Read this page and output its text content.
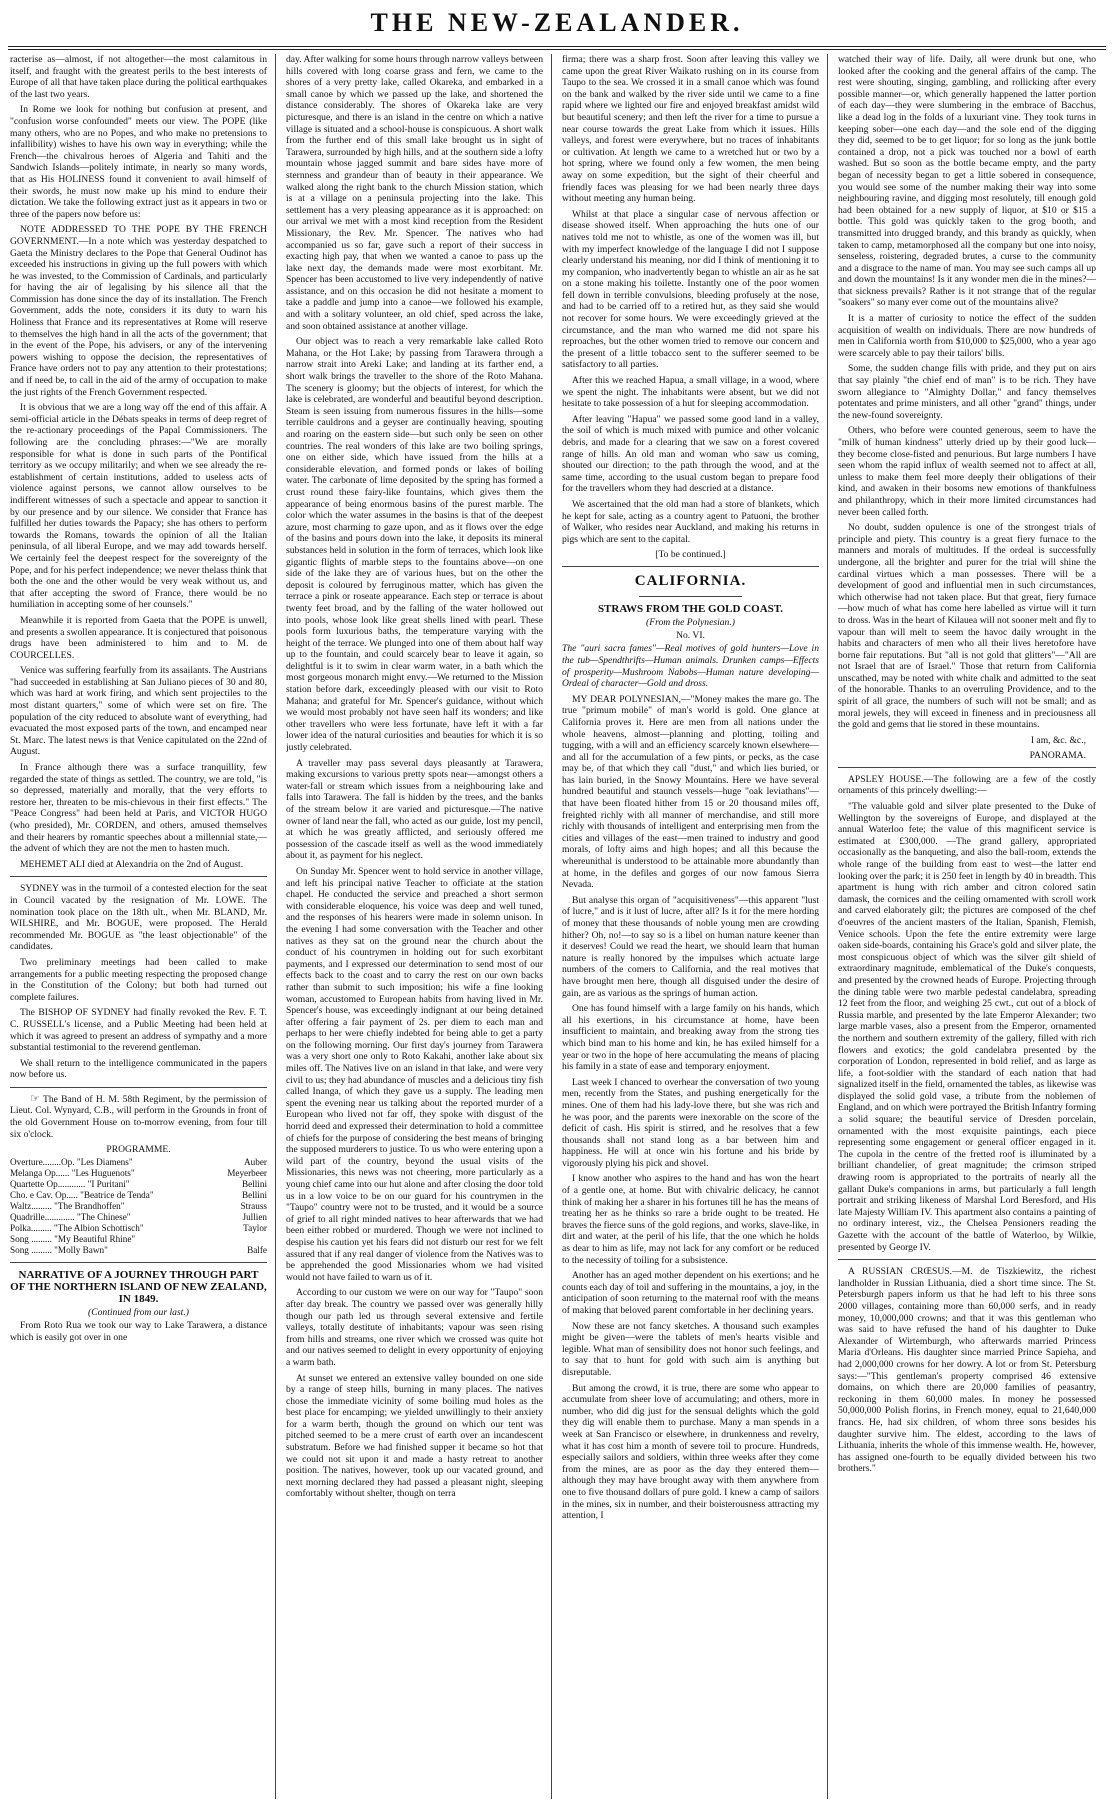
THE NEW-ZEALANDER.

racterise as—almost, if not altogether—the most calamitous in itself, and fraught with the greatest perils to the best interests of Europe of all that have taken place during the political earthquakes of the last two years.

In Rome we look for nothing but confusion at present, and "confusion worse confounded" meets our view. The POPE (like many others, who are no Popes, and who make no pretensions to infallibility) wishes to have his own way in everything; while the French—the chivalrous heroes of Algeria and Tahiti and the Sandwich Islands—politely intimate, in nearly so many words, that as His HOLINESS found it convenient to avail himself of their swords, he must now make up his mind to endure their dictation. We take the following extract just as it appears in two or three of the papers now before us:

NOTE ADDRESSED TO THE POPE BY THE FRENCH GOVERNMENT.—In a note which was yesterday despatched to Gaeta the Ministry declares to the Pope that General Oudinot has exceeded his instructions in giving up the full powers with which he was invested, to the Commission of Cardinals, and particularly for having the air of legalising by his silence all that the Commission has done since the day of its installation. The French Government, adds the note, considers it its duty to warn his Holiness that France and its representatives at Rome will reserve to themselves the high hand in all the acts of the government; that in the event of the Pope, his advisers, or any of the intervening powers wishing to oppose the decision, the representatives of France have orders not to pay any attention to their protestations; and if need be, to call in the aid of the army of occupation to make the just rights of the French Government respected.

It is obvious that we are a long way off the end of this affair. A semi-official article in the Débats speaks in terms of deep regret of the re-actionary proceedings of the Papal Commissioners. The following are the concluding phrases:—"We are morally responsible for what is done in such parts of the Pontifical territory as we occupy militarily; and when we see already the re-establishment of certain institutions, added to useless acts of violence against persons, we cannot allow ourselves to be indifferent witnesses of such a spectacle and appear to sanction it by our presence and by our silence. We consider that France has fulfilled her duties towards the Papacy; she has others to perform towards the Romans, towards the opinion of all the Italian peninsula, of all liberal Europe, and we may add towards herself. We certainly feel the deepest respect for the sovereignty of the Pope, and for his perfect independence; we never thelass think that both the one and the other would be very weak without us, and that after accepting the sword of France, there would be no humiliation in accepting some of her counsels."

Meanwhile it is reported from Gaeta that the POPE is unwell, and presents a swollen appearance. It is conjectured that poisonous drugs have been administered to him and to M. de COURCELLES.

Venice was suffering fearfully from its assailants. The Austrians "had succeeded in establishing at San Juliano pieces of 30 and 80, which was hard at work firing, and which sent projectiles to the most distant quarters," some of which were set on fire. The population of the city reduced to absolute want of everything, had evacuated the most exposed parts of the town, and encamped near St. Marc. The latest news is that Venice capitulated on the 22nd of August.

In France although there was a surface tranquillity, few regarded the state of things as settled. The country, we are told, "is so depressed, materially and morally, that the very efforts to restore her, threaten to be mis-chievous in their first effects." The "Peace Congress" had been held at Paris, and VICTOR HUGO (who presided), Mr. CORDEN, and others, amused themselves and their hearers by romantic speeches about a millennial state,—the advent of which they are not the men to hasten much.

MEHEMET ALI died at Alexandria on the 2nd of August.

SYDNEY was in the turmoil of a contested election for the seat in Council vacated by the resignation of Mr. LOWE. The nomination took place on the 18th ult., when Mr. BLAND, Mr. WILSHIRE, and Mr. BOGUE, were proposed. The Herald recommended Mr. BOGUE as "the least objectionable" of the candidates.

Two preliminary meetings had been called to make arrangements for a public meeting respecting the proposed change in the Constitution of the Colony; but both had turned out complete failures.

The BISHOP OF SYDNEY had finally revoked the Rev. F. T. C. RUSSELL's license, and a Public Meeting had been held at which it was agreed to present an address of sympathy and a more substantial testimonial to the reverend gentleman.

We shall return to the intelligence communicated in the papers now before us.

☞ The Band of H. M. 58th Regiment, by the permission of Lieut. Col. Wynyard, C.B., will perform in the Grounds in front of the old Government House on to-morrow evening, from four till six o'clock.

PROGRAMME.
Overture........Op. "Les Diamens"	Auber
Melanga Op...... "Les Huguenots"	Meyerbeer
Quartette Op............ "I Puritani"	Bellini
Cho. e Cav. Op..... "Beatrice de Tenda"	Bellini
Waltz......... "The Brandhoffen"	Strauss
Quadrille............. "The Chinese"	Jullien
Polka......... "The Albion Schottisch"	Taylor
Song ......... "My Beautiful Rhine"
Song ......... "Molly Bawn"	Balfe
NARRATIVE OF A JOURNEY THROUGH PART OF THE NORTHERN ISLAND OF NEW ZEALAND, IN 1849.
(Continued from our last.)

From Roto Rua we took our way to Lake Tarawera, a distance which is easily got over in one

day. After walking for some hours through narrow valleys between hills covered with long coarse grass and fern, we came to the shores of a very pretty lake, called Okareka, and embarked in a small canoe by which we passed up the lake, and shortened the distance considerably. The shores of Okareka lake are very picturesque, and there is an island in the centre on which a native village is situated and a school-house is conspicuous. A short walk from the further end of this small lake brought us in sight of Tarawera, surrounded by high hills, and at the southern side a lofty mountain whose jagged summit and bare sides have more of sternness and grandeur than of beauty in their appearance. We walked along the right bank to the church Mission station, which is at a village on a peninsula projecting into the lake. This settlement has a very pleasing appearance as it is approached: on our arrival we met with a most kind reception from the Resident Missionary, the Rev. Mr. Spencer. The natives who had accompanied us so far, gave such a report of their success in exacting high pay, that when we wanted a canoe to pass up the lake next day, the demands made were most exorbitant. Mr. Spencer has been accustomed to live very independently of native assistance, and on this occasion he did not hesitate a moment to take a paddle and jump into a canoe—we followed his example, and with a solitary volunteer, an old chief, sped across the lake, and soon obtained assistance at another village.

Our object was to reach a very remarkable lake called Roto Mahana, or the Hot Lake; by passing from Tarawera through a narrow strait into Areki Lake; and landing at its farther end, a short walk brings the traveller to the shore of the Roto Mahana. The scenery is gloomy; but the objects of interest, for which the lake is celebrated, are wonderful and beautiful beyond description. Steam is seen issuing from numerous fissures in the hills—some terrible cauldrons and a geyser are continually heaving, spouting and roaring on the eastern side—but such only be seen on other countries. The real wonders of this lake are two boiling springs, one on either side, which have issued from the hills at a considerable elevation, and formed ponds or lakes of boiling water. The carbonate of lime deposited by the spring has formed a crust round these fairy-like fountains, which gives them the appearance of being enormous basins of the purest marble. The color which the water assumes in the basins is that of the deepest azure, most charming to gaze upon, and as it flows over the edge of the basins and pours down into the lake, it deposits its mineral substances held in solution in the form of terraces, which look like gigantic flights of marble steps to the fountains above—on one side of the lake they are of various hues, but on the other the deposit is coloured by ferruginous matter, which has given the terrace a pink or roseate appearance. Each step or terrace is about twenty feet broad, and by the falling of the water hollowed out into pools, whose look like great shells lined with pearl. These pools form luxurious baths, the temperature varying with the height of the terrace. We plunged into one of them about half way up to the fountain, and could scarcely bear to leave it again, so delightful is it to swim in clear warm water, in a bath which the most gorgeous monarch might envy.—We returned to the Mission station before dark, exceedingly pleased with our visit to Roto Mahana; and grateful for Mr. Spencer's guidance, without which we would most probably not have seen half its wonders; and like other travellers who were less fortunate, have left it with a far lower idea of the natural curiosities and beauties for which it is so justly celebrated.

A traveller may pass several days pleasantly at Tarawera, making excursions to various pretty spots near—amongst others a water-fall or stream which issues from a neighbouring lake and falls into Tarawera. The fall is hidden by the trees, and the banks of the stream below it are varied and picturesque.—The native owner of land near the fall, who acted as our guide, lost my pencil, at which he was greatly afflicted, and seriously offered me possession of the cascade itself as well as the wood immediately about it, as payment for his neglect.

On Sunday Mr. Spencer went to hold service in another village, and left his principal native Teacher to officiate at the station chapel. He conducted the service and preached a short sermon with considerable eloquence, his voice was deep and well tuned, and the responses of his hearers were made in solemn unison. In the evening I had some conversation with the Teacher and other natives as they sat on the ground near the church about the conduct of his countrymen in holding out for such exorbitant payments, and I expressed our determination to send most of our effects back to the coast and to carry the rest on our own backs rather than submit to such imposition; his wife a fine looking woman, accustomed to European habits from having lived in Mr. Spencer's house, was exceedingly indignant at our being detained after offering a fair payment of 2s. per diem to each man and perhaps to her were chiefly indebted for being able to get a party on the following morning. Our first day's journey from Tarawera was a very short one only to Roto Kakahi, another lake about six miles off. The Natives live on an island in that lake, and were very civil to us; they had abundance of muscles and a delicious tiny fish called Inanga, of which they gave us a supply. The leading men spent the evening near us talking about the reported murder of a European who lived not far off, they spoke with disgust of the horrid deed and expressed their determination to hold a committee of chiefs for the purpose of considering the best means of bringing the supposed murderers to justice. To us who were entering upon a wild part of the country, beyond the usual visits of the Missionaries, this news was not cheering, more particularly as a young chief came into our hut alone and after closing the door told us in a low voice to be on our guard for his countrymen in the "Taupo" country were not to be trusted, and it would be a source of grief to all right minded natives to hear afterwards that we had been either robbed or murdered. Though we were not inclined to despise his caution yet his fears did not disturb our rest for we felt assured that if any real danger of violence from the Natives was to be apprehended the good Missionaries whom we had visited would not have failed to warn us of it.

According to our custom we were on our way for "Taupo" soon after day break. The country we passed over was generally hilly though our path led us through several extensive and fertile valleys, totally destitute of inhabitants; vapour was seen rising from hills and streams, one river which we crossed was quite hot and our natives seemed to delight in every opportunity of enjoying a warm bath.

At sunset we entered an extensive valley bounded on one side by a range of steep hills, burning in many places. The natives chose the immediate vicinity of some boiling mud holes as the best place for encamping; we yielded unwillingly to their anxiety for a warm berth, though the ground on which our tent was pitched seemed to be a mere crust of earth over an incandescent substratum. Before we had finished supper it became so hot that we could not sit upon it and made a hasty retreat to another position. The natives, however, took up our vacated ground, and next morning declared they had passed a pleasant night, sleeping comfortably without shelter, though on terra

firma; there was a sharp frost. Soon after leaving this valley we came upon the great River Waikato rushing on in its course from Taupo to the sea. We crossed it in a small canoe which was found on the bank and walked by the river side until we came to a fine rapid where we lighted our fire and enjoyed breakfast amidst wild but beautiful scenery; and then left the river for a time to pursue a near course towards the great Lake from which it issues. Hills valleys, and forest were everywhere, but no traces of inhabitants or cultivation. At length we came to a wretched hut or two by a hot spring, where we found only a few women, the men being away on some expedition, but the sight of their cheerful and friendly faces was pleasing for we had been nearly three days without meeting any human being.

Whilst at that place a singular case of nervous affection or disease showed itself. When approaching the huts one of our natives told me not to whistle, as one of the women was ill, but with my imperfect knowledge of the language I did not I suppose clearly understand his meaning, nor did I think of mentioning it to my companion, who inadvertently began to whistle an air as he sat on a stone making his toilette. Instantly one of the poor women fell down in terrible convulsions, bleeding profusely at the nose, and had to be carried off to a retired hut, as they said she would not recover for some hours. We were exceedingly grieved at the circumstance, and the man who warned me did not spare his reproaches, but the other women tried to remove our concern and the present of a little tobacco sent to the sufferer seemed to be satisfactory to all parties.

After this we reached Hapua, a small village, in a wood, where we spent the night. The inhabitants were absent, but we did not hesitate to take possession of a hut for sleeping accommodation.

After leaving "Hapua" we passed some good land in a valley, the soil of which is much mixed with pumice and other volcanic debris, and made for a clearing that we saw on a forest covered range of hills. An old man and woman who saw us coming, shouted our direction; to the path through the wood, and at the same time, according to the usual custom began to prepare food for the travellers whom they had descried at a distance.

We ascertained that the old man had a store of blankets, which he kept for sale, acting as a country agent to Patuoni, the brother of Walker, who resides near Auckland, and making his returns in pigs which are sent to the capital.

[To be continued.]
CALIFORNIA.
STRAWS FROM THE GOLD COAST.
(From the Polynesian.)
No. VI.

The "auri sacra fames"—Real motives of gold hunters—Love in the tub—Spendthrifts—Human animals. Drunken camps—Effects of prosperity—Mushroom Nabobs—Human nature developing—Ordeal of character—Gold and dross.

MY DEAR POLYNESIAN,—"Money makes the mare go. The true "primum mobile" of man's world is gold. One glance at California proves it. Here are men from all nations under the whole heavens, almost—planning and plotting, toiling and tugging, with a will and an efficiency scarcely known elsewhere—and all for the accumulation of a few pints, or pecks, as the case may be, of that which they call "dust," and which lies buried, or has lain buried, in the Snowy Mountains. Here we have several hundred beautiful and staunch vessels—huge "oak leviathans"—that have been floated hither from 15 or 20 thousand miles off, freighted richly with all manner of merchandise, and still more richly with thousands of intelligent and enterprising men from the cities and villages of the east—men trained to industry and good morals, of lofty aims and high hopes; and all this because the whereunithal is understood to be attainable more abundantly than at home, in the defiles and gorges of our now famous Sierra Nevada.

But analyse this organ of "acquisitiveness"—this apparent "lust of lucre," and is it lust of lucre, after all? Is it for the mere hording of money that these thousands of noble young men are crowding hither? Oh, no!—to say so is a libel on human nature keener than it deserves! Could we read the heart, we should learn that human nature is really honored by the impulses which actuate large numbers of the comers to California, and the real motives that have brought men here, though all disguised under the desire of gain, are as various as the springs of human action.

One has found himself with a large family on his hands, which all his exertions, in his circumstance at home, have been insufficient to maintain, and breaking away from the strong ties which bind man to his home and kin, he has exiled himself for a year or two in the hope of here accumulating the means of placing his family in a state of ease and temporary enjoyment.

Last week I chanced to overhear the conversation of two young men, recently from the States, and pushing energetically for the mines. One of them had his lady-love there, but she was rich and he was poor, and the parents were inexorable on the score of the deficit of cash. His spirit is stirred, and he resolves that a few thousands shall not stand long as a bar between him and happiness. He will at once win his fortune and his bride by vigorously plying his pick and shovel.

I know another who aspires to the hand and has won the heart of a gentle one, at home. But with chivalric delicacy, he cannot think of making her a sharer in his fortunes till he has the means of treating her as he thinks so rare a bride ought to be treated. He braves the fierce suns of the gold regions, and works, slave-like, in dirt and water, at the peril of his life, that the one which he holds as dear to him as life, may not lack for any comfort or be reduced to the necessity of toiling for a subsistence.

Another has an aged mother dependent on his exertions; and he counts each day of toil and suffering in the mountains, a joy, in the anticipation of soon returning to the maternal roof with the means of making that beloved parent comfortable in her declining years.

Now these are not fancy sketches. A thousand such examples might be given—were the tablets of men's hearts visible and legible. What man of sensibility does not honor such feelings, and to say that to hunt for gold with such aim is anything but disreputable.

But among the crowd, it is true, there are some who appear to accumulate from sheer love of accumulating; and others, more in number, who did dig just for the sensual delights which the gold they dig will enable them to purchase. Many a man spends in a week at San Francisco or elsewhere, in drunkenness and revelry, what it has cost him a month of severe toil to procure. Hundreds, especially sailors and soldiers, within three weeks after they come from the mines, are as poor as the day they entered them—although they may have brought away with them anywhere from one to five thousand dollars of pure gold. I knew a camp of sailors in the mines, six in number, and their boisterousness attracting my attention, I

watched their way of life. Daily, all were drunk but one, who looked after the cooking and the general affairs of the camp. The rest were shouting, singing, gambling, and rollicking after every possible manner—or, which generally happened the latter portion of each day—they were slumbering in the embrace of Bacchus, like a dead log in the folds of a luxuriant vine. They took turns in keeping sober—one each day—and the sole end of the digging they did, seemed to be to get liquor; for so long as the junk bottle contained a drop, not a pick was touched nor a bowl of earth washed. But so soon as the bottle became empty, and the party began of necessity began to get a little sobered in consequence, you would see some of the number making their way into some neighbouring ravine, and digging most resolutely, till enough gold had been obtained for a new supply of liquor, at $10 or $15 a bottle. This gold was quickly taken to the grog booth, and transmitted into drugged brandy, and this brandy as quickly, when taken to camp, metamorphosed all the company but one into noisy, senseless, roistering, degraded brutes, a curse to the community and a disgrace to the name of man. You may see such camps all up and down the mountains! Is it any wonder men die in the mines?—that sickness prevails? Rather is it not strange that of the regular "soakers" so many ever come out of the mountains alive?

It is a matter of curiosity to notice the effect of the sudden acquisition of wealth on individuals. There are now hundreds of men in California worth from $10,000 to $25,000, who a year ago were scarcely able to pay their tailors' bills.

Some, the sudden change fills with pride, and they put on airs that say plainly "the chief end of man" is to be rich. They have sworn allegiance to "Almighty Dollar," and fancy themselves potentates and prime ministers, and all other "grand" things, under the new-found sovereignty.

Others, who before were counted generous, seem to have the "milk of human kindness" utterly dried up by their good luck—they become close-fisted and penurious. But large numbers I have seen whom the rapid influx of wealth seemed not to affect at all, unless to make them feel more deeply their obligations of their kind, and awaken in their bosoms new emotions of thankfulness and philanthropy, which in their more limited circumstances had never been called forth.

No doubt, sudden opulence is one of the strongest trials of principle and piety. This country is a great fiery furnace to the manners and morals of multitudes. If the ordeal is successfully undergone, all the brighter and purer for the trial will shine the cardinal virtues which a man possesses. There will be a development of good and influential men in such circumstances, which otherwise had not taken place. But that great, fiery furnace—how much of what has come here labelled as virtue will it turn to dross. Was in the heart of Kilauea will not sooner melt and fly to vapour than will melt to seem the havoc daily wrought in the habits and characters of men who all their lives heretofore have borne fair reputations. But "all is not gold that glitters"—"All are not Israel that are of Israel." Those that return from California unscathed, may be noted with white chalk and admitted to the seat of the honorable. Thanks to an overruling Providence, and to the spirit of all grace, the numbers of such will not be small; and as moral jewels, they will exceed in fineness and in preciousness all the gold and gems that lie stored in these mountains.

I am, &c. &c.,
PANORAMA.

APSLEY HOUSE.—The following are a few of the costly ornaments of this princely dwelling:—

"The valuable gold and silver plate presented to the Duke of Wellington by the sovereigns of Europe, and displayed at the annual Waterloo fete; the value of this magnificent service is estimated at £300,000. —The grand gallery, appropriated occasionally as the banqueting, and also the ball-room, extends the whole range of the building from east to west—the latter end looking over the park; it is 250 feet in length by 40 in breadth. This apartment is hung with rich amber and citron colored satin damask, the cornices and the ceiling ornamented with scroll work and carved elaborately gilt; the pictures are composed of the chef d'oeuvres of the ancient masters of the Italian, Spanish, Flemish, Venice schools. Upon the fete the entire extremity were large oaken side-boards, containing his Grace's gold and silver plate, the most conspicuous object of which was the silver gilt shield of extraordinary magnitude, emblematical of the Duke's conquests, and presented by the crowned heads of Europe. Projecting through the dining table were two marble pedestal candelabra, spreading 12 feet from the floor, and weighing 25 cwt., cut out of a block of Russia marble, and presented by the late Emperor Alexander; two large marble vases, also a present from the Emperor, ornamented the northern and southern extremity of the gallery, filled with rich flowers and exotics; the gold candelabra presented by the corporation of London, represented in bold relief, and as large as life, a foot-soldier with the standard of each nation that had signalized itself in the field, ornamented the tables, as likewise was displayed the solid gold vase, a tribute from the noblemen of England, and on which were portrayed the British Infantry forming a solid square; the beautiful service of Dresden porcelain, ornamented with the most exquisite paintings, each piece representing some engagement or general officer engaged in it. The cupola in the centre of the fretted roof is illuminated by a brilliant chandelier, of great magnitude; the crimson striped drawing room is appropriated to the portraits of nearly all the gallant Duke's companions in arms, but particularly a full length portrait and striking likeness of Marshal Lord Beresford, and His late Majesty William IV. This apartment also contains a painting of no ordinary interest, viz., the Chelsea Pensioners reading the Gazette with the account of the battle of Waterloo, by Wilkie, presented by George IV.

A RUSSIAN CRŒSUS.—M. de Tiszkiewitz, the richest landholder in Russian Lithuania, died a short time since. The St. Petersburgh papers inform us that he had left to his three sons 2000 villages, containing more than 60,000 serfs, and in ready money, 10,000,000 crowns; and that it was this gentleman who was said to have refused the hand of his daughter to Duke Alexander of Wirtemburgh, who afterwards married Princess Maria d'Orleans. His daughter since married Prince Sapieha, and had 2,000,000 crowns for her dowry. A lot or from St. Petersburg says:—"This gentleman's property comprised 46 extensive domains, on which there are 20,000 families of peasantry, reckoning in them 60,000 males. In money he possessed 50,000,000 Polish florins, in French money, equal to 21,640,000 francs. He, had six children, of whom three sons besides his daughter survive him. The eldest, according to the laws of Lithuania, inherits the whole of this immense wealth. He, however, has assigned one-fourth to be equally divided between his two brothers."
